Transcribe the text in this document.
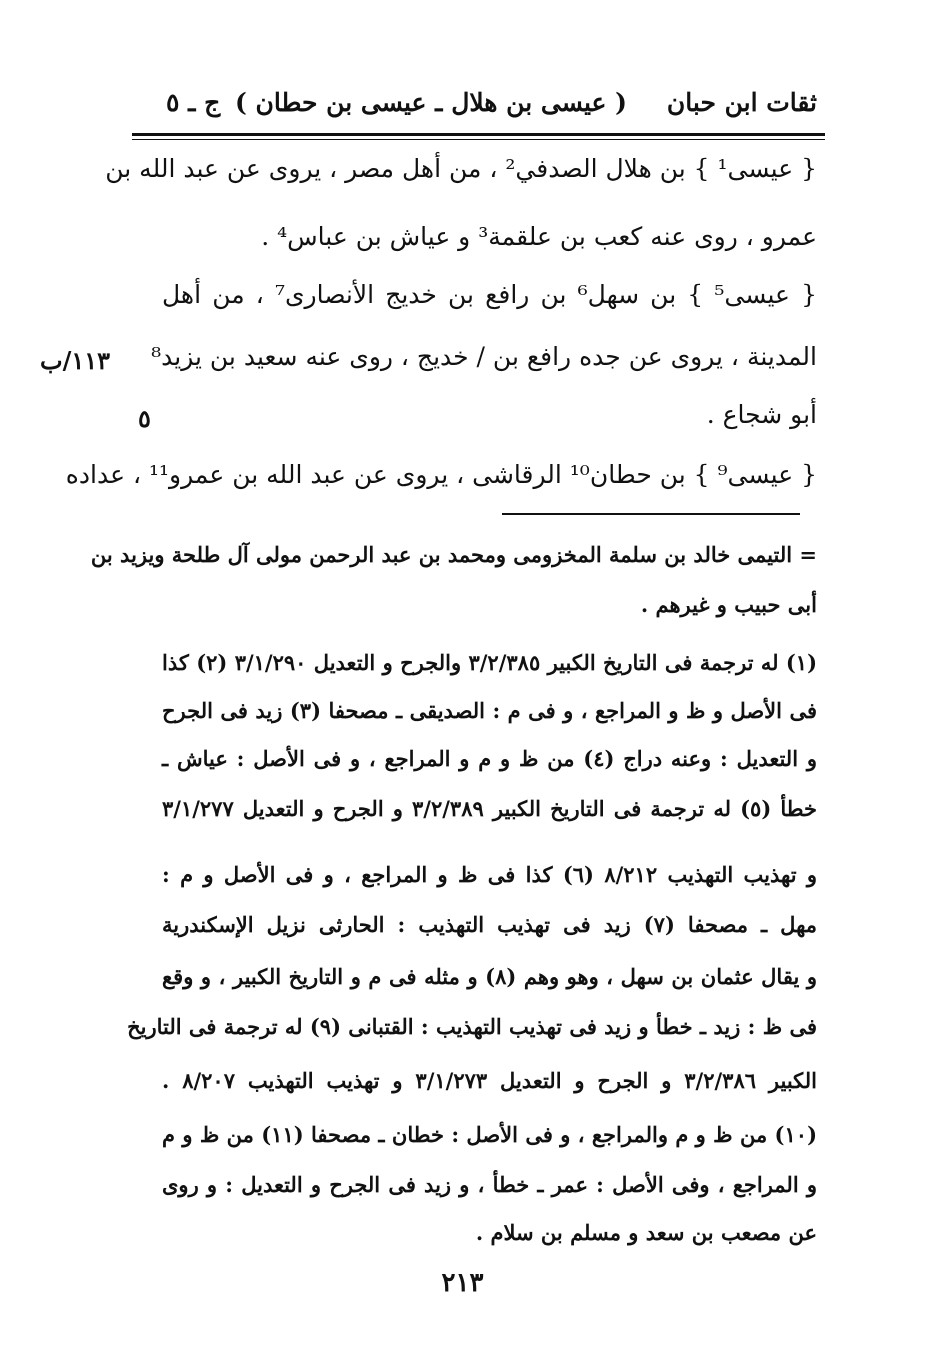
ثقات ابن حبان
( عيسى بن هلال ـ عيسى بن حطان )
ج ـ ٥
{ عيسى¹ } بن هلال الصدفي² ، من أهل مصر ، يروى عن عبد الله بن
عمرو ، روى عنه كعب بن علقمة³ و عياش بن عباس⁴ .
{ عيسى⁵ } بن سهل⁶ بن رافع بن خديج الأنصارى⁷ ، من أهل
المدينة ، يروى عن جده رافع بن / خديج ، روى عنه سعيد بن يزيد⁸
أبو شجاع .
{ عيسى⁹ } بن حطان¹⁰ الرقاشى ، يروى عن عبد الله بن عمرو¹¹ ، عداده
١١٣/ب
٥
= التيمى خالد بن سلمة المخزومى ومحمد بن عبد الرحمن مولى آل طلحة ويزيد بن
أبى حبيب و غيرهم .
(١) له ترجمة فى التاريخ الكبير ٣/٢/٣٨٥ والجرح و التعديل ٣/١/٢٩٠ (٢) كذا
فى الأصل و ظ و المراجع ، و فى م : الصديقى ـ مصحفا (٣) زيد فى الجرح
و التعديل : وعنه دراج (٤) من ظ و م و المراجع ، و فى الأصل : عياش ـ
خطأ (٥) له ترجمة فى التاريخ الكبير ٣/٢/٣٨٩ و الجرح و التعديل ٣/١/٢٧٧
و تهذيب التهذيب ٨/٢١٢ (٦) كذا فى ظ و المراجع ، و فى الأصل و م :
مهل ـ مصحفا (٧) زيد فى تهذيب التهذيب : الحارثى نزيل الإسكندرية
و يقال عثمان بن سهل ، وهو وهم (٨) و مثله فى م و التاريخ الكبير ، و وقع
فى ظ : زيد ـ خطأ و زيد فى تهذيب التهذيب : القتبانى (٩) له ترجمة فى التاريخ
الكبير ٣/٢/٣٨٦ و الجرح و التعديل ٣/١/٢٧٣ و تهذيب التهذيب ٨/٢٠٧ .
(١٠) من ظ و م والمراجع ، و فى الأصل : خطان ـ مصحفا (١١) من ظ و م
و المراجع ، وفى الأصل : عمر ـ خطأ ، و زيد فى الجرح و التعديل : و روى
عن مصعب بن سعد و مسلم بن سلام .
٢١٣
